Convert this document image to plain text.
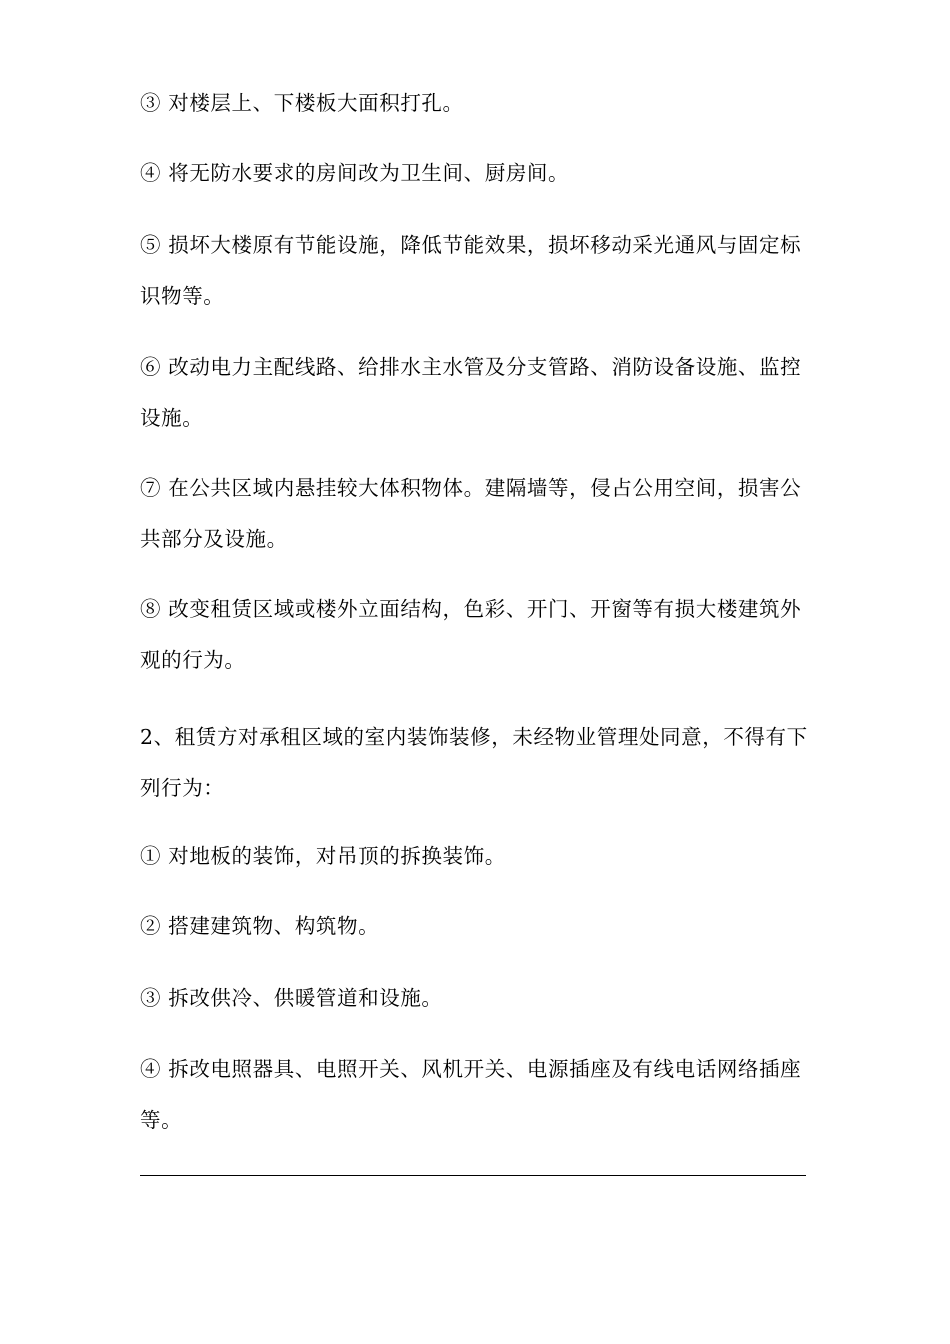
③ 对楼层上、下楼板大面积打孔。

④ 将无防水要求的房间改为卫生间、厨房间。

⑤ 损坏大楼原有节能设施，降低节能效果，损坏移动采光通风与固定标识物等。

⑥ 改动电力主配线路、给排水主水管及分支管路、消防设备设施、监控设施。

⑦ 在公共区域内悬挂较大体积物体。建隔墙等，侵占公用空间，损害公共部分及设施。

⑧ 改变租赁区域或楼外立面结构，色彩、开门、开窗等有损大楼建筑外观的行为。

2、租赁方对承租区域的室内装饰装修，未经物业管理处同意，不得有下列行为：

① 对地板的装饰，对吊顶的拆换装饰。

② 搭建建筑物、构筑物。

③ 拆改供冷、供暖管道和设施。

④ 拆改电照器具、电照开关、风机开关、电源插座及有线电话网络插座等。
